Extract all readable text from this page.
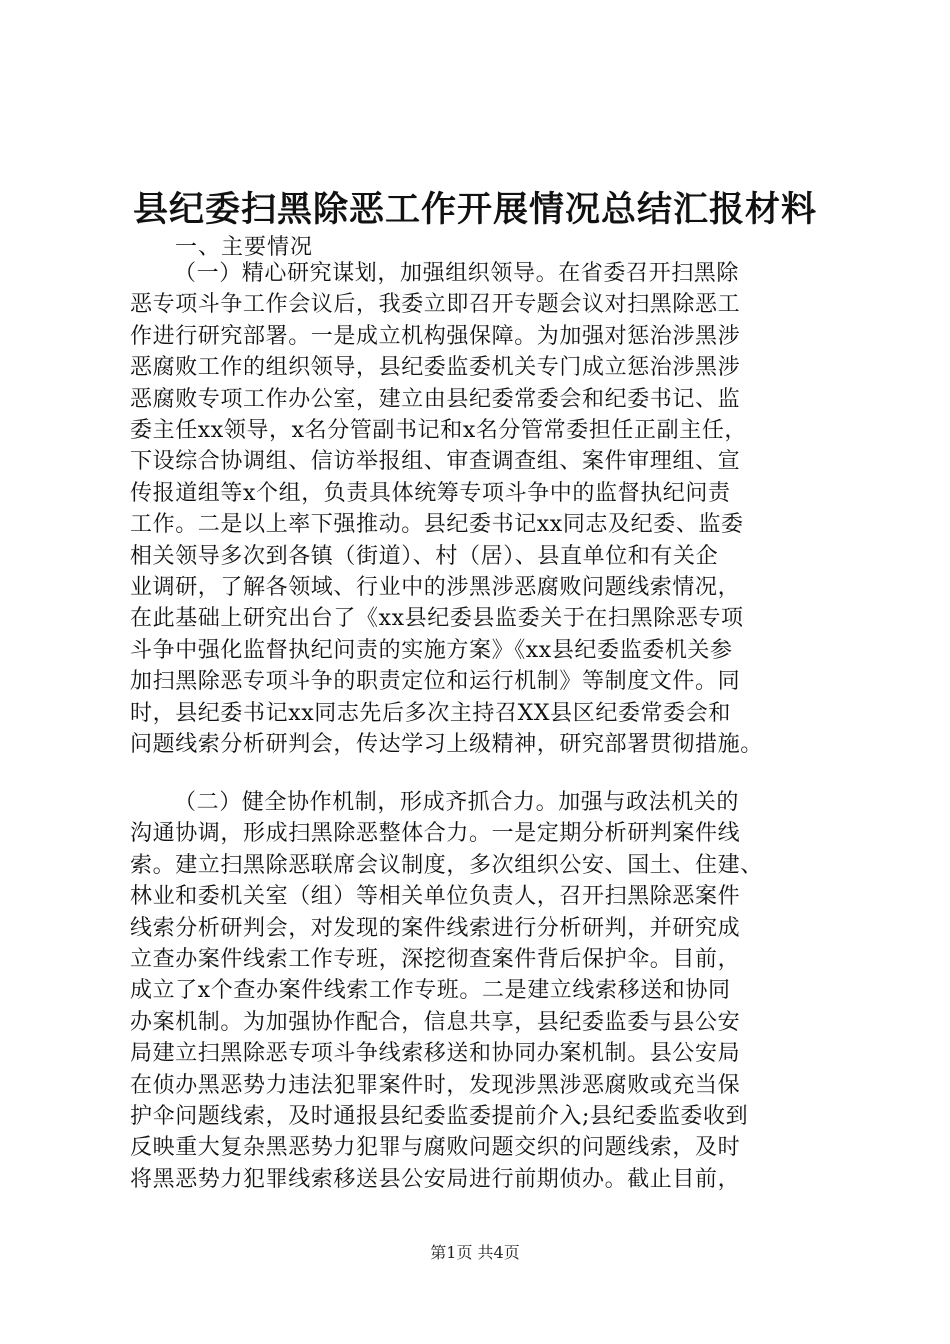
县纪委扫黑除恶工作开展情况总结汇报材料

一、主要情况

（一）精心研究谋划，加强组织领导。在省委召开扫黑除
恶专项斗争工作会议后，我委立即召开专题会议对扫黑除恶工
作进行研究部署。一是成立机构强保障。为加强对惩治涉黑涉
恶腐败工作的组织领导，县纪委监委机关专门成立惩治涉黑涉
恶腐败专项工作办公室，建立由县纪委常委会和纪委书记、监
委主任xx领导，x名分管副书记和x名分管常委担任正副主任，
下设综合协调组、信访举报组、审查调查组、案件审理组、宣
传报道组等x个组，负责具体统筹专项斗争中的监督执纪问责
工作。二是以上率下强推动。县纪委书记xx同志及纪委、监委
相关领导多次到各镇（街道）、村（居）、县直单位和有关企
业调研，了解各领域、行业中的涉黑涉恶腐败问题线索情况，
在此基础上研究出台了《xx县纪委县监委关于在扫黑除恶专项
斗争中强化监督执纪问责的实施方案》《xx县纪委监委机关参
加扫黑除恶专项斗争的职责定位和运行机制》等制度文件。同
时，县纪委书记xx同志先后多次主持召XX县区纪委常委会和
问题线索分析研判会，传达学习上级精神，研究部署贯彻措施。
（二）健全协作机制，形成齐抓合力。加强与政法机关的
沟通协调，形成扫黑除恶整体合力。一是定期分析研判案件线
索。建立扫黑除恶联席会议制度，多次组织公安、国土、住建、
林业和委机关室（组）等相关单位负责人，召开扫黑除恶案件
线索分析研判会，对发现的案件线索进行分析研判，并研究成
立查办案件线索工作专班，深挖彻查案件背后保护伞。目前，
成立了x个查办案件线索工作专班。二是建立线索移送和协同
办案机制。为加强协作配合，信息共享，县纪委监委与县公安
局建立扫黑除恶专项斗争线索移送和协同办案机制。县公安局
在侦办黑恶势力违法犯罪案件时，发现涉黑涉恶腐败或充当保
护伞问题线索，及时通报县纪委监委提前介入;县纪委监委收到
反映重大复杂黑恶势力犯罪与腐败问题交织的问题线索，及时
将黑恶势力犯罪线索移送县公安局进行前期侦办。截止目前，
第1页 共4页
